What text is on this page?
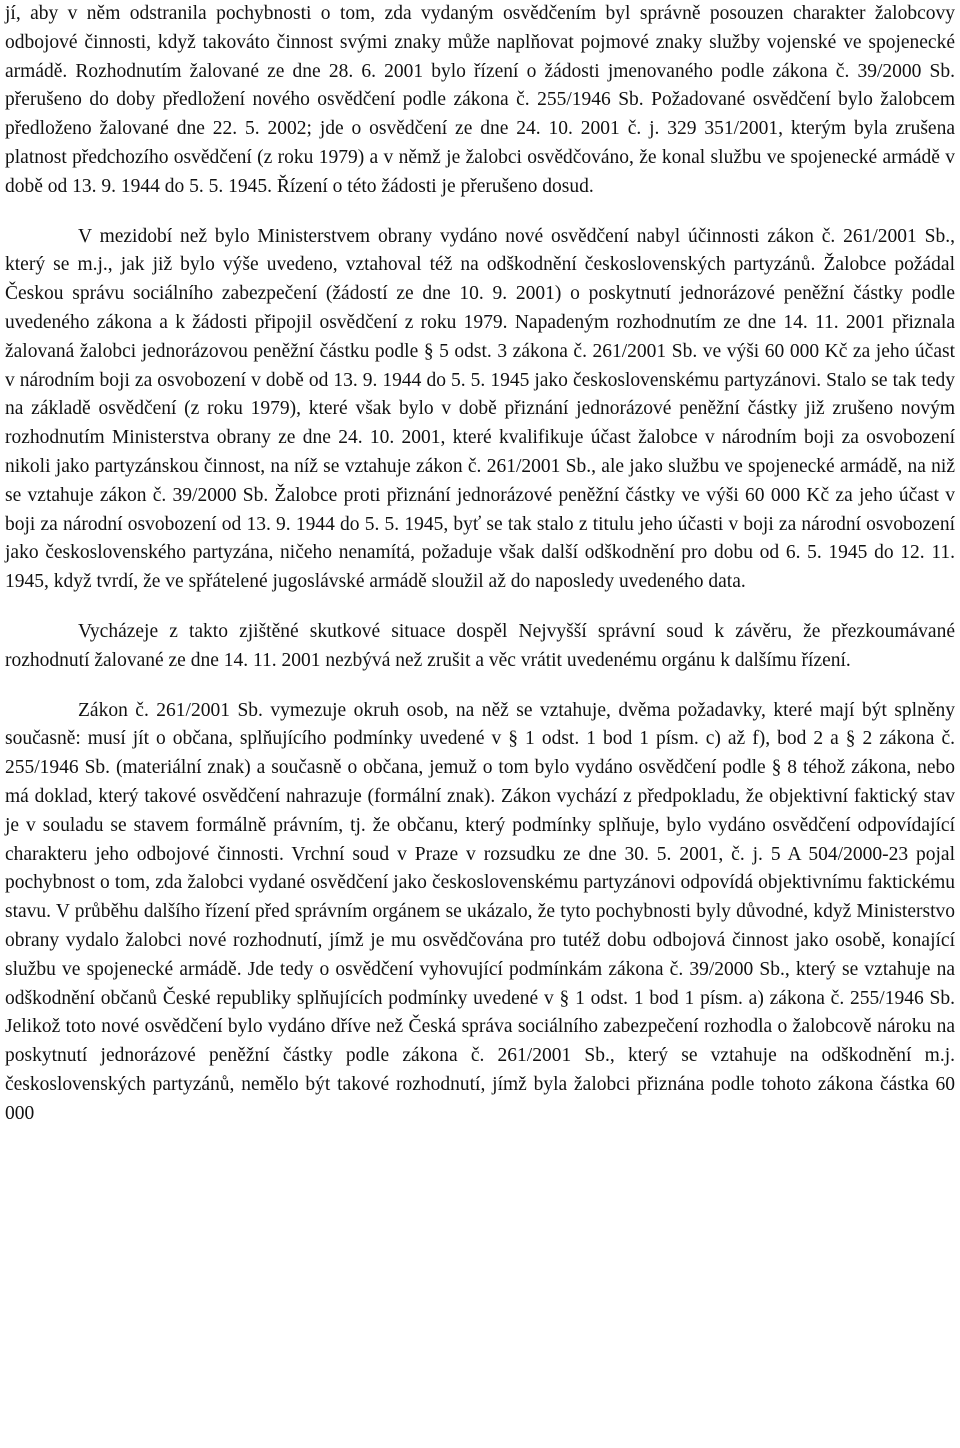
jí, aby v něm odstranila pochybnosti o tom, zda vydaným osvědčením byl správně posouzen charakter žalobcovy odbojové činnosti, když takováto činnost svými znaky může naplňovat pojmové znaky služby vojenské ve spojenecké armádě. Rozhodnutím žalované ze dne 28. 6. 2001 bylo řízení o žádosti jmenovaného podle zákona č. 39/2000 Sb. přerušeno do doby předložení nového osvědčení podle zákona č. 255/1946 Sb. Požadované osvědčení bylo žalobcem předloženo žalované dne 22. 5. 2002; jde o osvědčení ze dne 24. 10. 2001 č. j. 329 351/2001, kterým byla zrušena platnost předchozího osvědčení (z roku 1979) a v němž je žalobci osvědčováno, že konal službu ve spojenecké armádě v době od 13. 9. 1944 do 5. 5. 1945. Řízení o této žádosti je přerušeno dosud.

V mezidobí než bylo Ministerstvem obrany vydáno nové osvědčení nabyl účinnosti zákon č. 261/2001 Sb., který se m.j., jak již bylo výše uvedeno, vztahoval též na odškodnění československých partyzánů. Žalobce požádal Českou správu sociálního zabezpečení (žádostí ze dne 10. 9. 2001) o poskytnutí jednorázové peněžní částky podle uvedeného zákona a k žádosti připojil osvědčení z roku 1979. Napadeným rozhodnutím ze dne 14. 11. 2001 přiznala žalovaná žalobci jednorázovou peněžní částku podle § 5 odst. 3 zákona č. 261/2001 Sb. ve výši 60 000 Kč za jeho účast v národním boji za osvobození v době od 13. 9. 1944 do 5. 5. 1945 jako československému partyzánovi. Stalo se tak tedy na základě osvědčení (z roku 1979), které však bylo v době přiznání jednorázové peněžní částky již zrušeno novým rozhodnutím Ministerstva obrany ze dne 24. 10. 2001, které kvalifikuje účast žalobce v národním boji za osvobození nikoli jako partyzánskou činnost, na níž se vztahuje zákon č. 261/2001 Sb., ale jako službu ve spojenecké armádě, na niž se vztahuje zákon č. 39/2000 Sb. Žalobce proti přiznání jednorázové peněžní částky ve výši 60 000 Kč za jeho účast v boji za národní osvobození od 13. 9. 1944 do 5. 5. 1945, byť se tak stalo z titulu jeho účasti v boji za národní osvobození jako československého partyzána, ničeho nenamítá, požaduje však další odškodnění pro dobu od 6. 5. 1945 do 12. 11. 1945, když tvrdí, že ve spřátelené jugoslávské armádě sloužil až do naposledy uvedeného data.

Vycházeje z takto zjištěné skutkové situace dospěl Nejvyšší správní soud k závěru, že přezkoumávané rozhodnutí žalované ze dne 14. 11. 2001 nezbývá než zrušit a věc vrátit uvedenému orgánu k dalšímu řízení.

Zákon č. 261/2001 Sb. vymezuje okruh osob, na něž se vztahuje, dvěma požadavky, které mají být splněny současně: musí jít o občana, splňujícího podmínky uvedené v § 1 odst. 1 bod 1 písm. c) až f), bod 2 a § 2 zákona č. 255/1946 Sb. (materiální znak) a současně o občana, jemuž o tom bylo vydáno osvědčení podle § 8 téhož zákona, nebo má doklad, který takové osvědčení nahrazuje (formální znak). Zákon vychází z předpokladu, že objektivní faktický stav je v souladu se stavem formálně právním, tj. že občanu, který podmínky splňuje, bylo vydáno osvědčení odpovídající charakteru jeho odbojové činnosti. Vrchní soud v Praze v rozsudku ze dne 30. 5. 2001, č. j. 5 A 504/2000-23 pojal pochybnost o tom, zda žalobci vydané osvědčení jako československému partyzánovi odpovídá objektivnímu faktickému stavu. V průběhu dalšího řízení před správním orgánem se ukázalo, že tyto pochybnosti byly důvodné, když Ministerstvo obrany vydalo žalobci nové rozhodnutí, jímž je mu osvědčována pro tutéž dobu odbojová činnost jako osobě, konající službu ve spojenecké armádě. Jde tedy o osvědčení vyhovující podmínkám zákona č. 39/2000 Sb., který se vztahuje na odškodnění občanů České republiky splňujících podmínky uvedené v § 1 odst. 1 bod 1 písm. a) zákona č. 255/1946 Sb. Jelikož toto nové osvědčení bylo vydáno dříve než Česká správa sociálního zabezpečení rozhodla o žalobcově nároku na poskytnutí jednorázové peněžní částky podle zákona č. 261/2001 Sb., který se vztahuje na odškodnění m.j. československých partyzánů, nemělo být takové rozhodnutí, jímž byla žalobci přiznána podle tohoto zákona částka 60 000
